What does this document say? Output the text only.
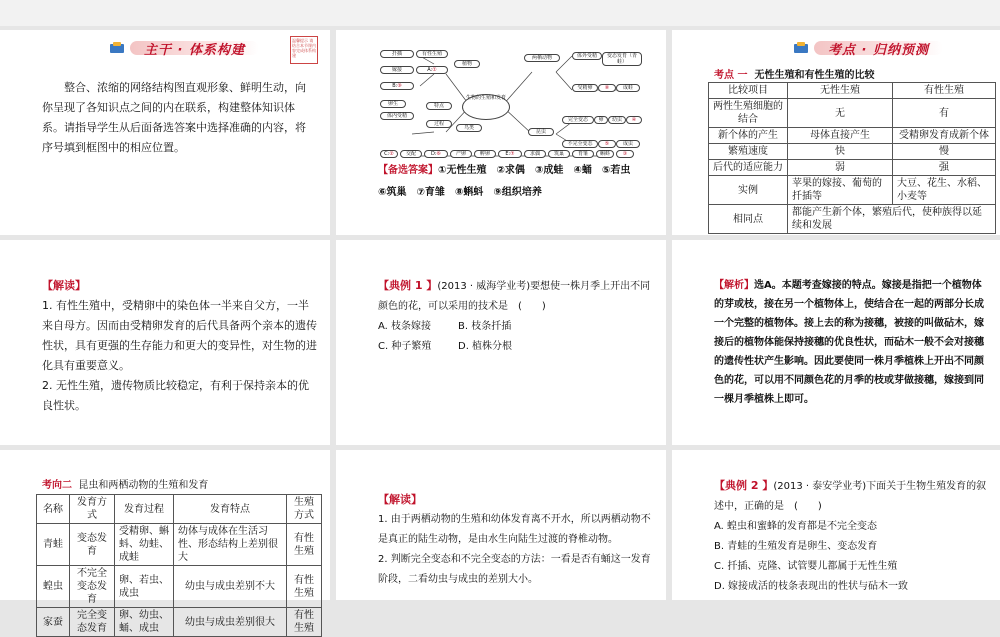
主干 · 体系构建
温馨提示 请结合本节课内容完成体系构建
整合、浓缩的网络结构图直观形象、鲜明生动，向你呈现了各知识点之间的内在联系，构建整体知识体系。请指导学生从后面备选答案中选择准确的内容，将序号填到框图中的相应位置。
生物的生殖和发育
扦插	有性生殖
植物
嫁接	A:①
B:⑨
卵生
体内受精
特点
过程
鸟类
两栖动物	体外受精	变态发育（青蛙）
受精卵	⑧	成蛙
昆虫
完全变态	卵	幼虫	④
不完全变态	⑤	成虫
C:②	交配	D:⑥	产卵	孵卵	E:⑦	求偶	筑巢	育雏	蝌蚪	③
【备选答案】①无性生殖　②求偶　③成蛙　④蛹　⑤若虫
⑥筑巢　⑦育雏　⑧蝌蚪　⑨组织培养
考点 · 归纳预测
考点 一 无性生殖和有性生殖的比较
比较项目	无性生殖	有性生殖
两性生殖细胞的结合	无	有
新个体的产生	母体直接产生	受精卵发育成新个体
繁殖速度	快	慢
后代的适应能力	弱	强
实例	苹果的嫁接、葡萄的扦插等	大豆、花生、水稻、小麦等
相同点	都能产生新个体，繁殖后代，使种族得以延续和发展	
【解读】
1. 有性生殖中，受精卵中的染色体一半来自父方，一半来自母方。因而由受精卵发育的后代具备两个亲本的遗传性状，具有更强的生存能力和更大的变异性，对生物的进化具有重要意义。
2. 无性生殖，遗传物质比较稳定，有利于保持亲本的优良性状。
【典例 1 】(2013 · 威海学业考)要想使一株月季上开出不同颜色的花，可以采用的技术是　(　　)
A. 枝条嫁接	B. 枝条扦插
C. 种子繁殖	D. 植株分根
【解析】选A。本题考查嫁接的特点。嫁接是指把一个植物体的芽或枝，接在另一个植物体上，使结合在一起的两部分长成一个完整的植物体。接上去的称为接穗，被接的叫做砧木，嫁接后的植物体能保持接穗的优良性状，而砧木一般不会对接穗的遗传性状产生影响。因此要使同一株月季植株上开出不同颜色的花，可以用不同颜色花的月季的枝或芽做接穗，嫁接到同一棵月季植株上即可。
考向二 昆虫和两栖动物的生殖和发育
名称	发育方式	发育过程	发育特点	生殖方式
青蛙	变态发育	受精卵、蝌蚪、幼蛙、成蛙	幼体与成体在生活习性、形态结构上差别很大	有性生殖
蝗虫	不完全变态发育	卵、若虫、成虫	幼虫与成虫差别不大	有性生殖
家蚕	完全变态发育	卵、幼虫、蛹、成虫	幼虫与成虫差别很大	有性生殖
【解读】
1. 由于两栖动物的生殖和幼体发育离不开水，所以两栖动物不是真正的陆生动物，是由水生向陆生过渡的脊椎动物。
2. 判断完全变态和不完全变态的方法：一看是否有蛹这一发育阶段，二看幼虫与成虫的差别大小。
【典例 2 】(2013 · 泰安学业考)下面关于生物生殖发育的叙述中，正确的是　(　　)
A. 蝗虫和蜜蜂的发育都是不完全变态
B. 青蛙的生殖发育是卵生、变态发育
C. 扦插、克隆、试管婴儿都属于无性生殖
D. 嫁接成活的枝条表现出的性状与砧木一致
